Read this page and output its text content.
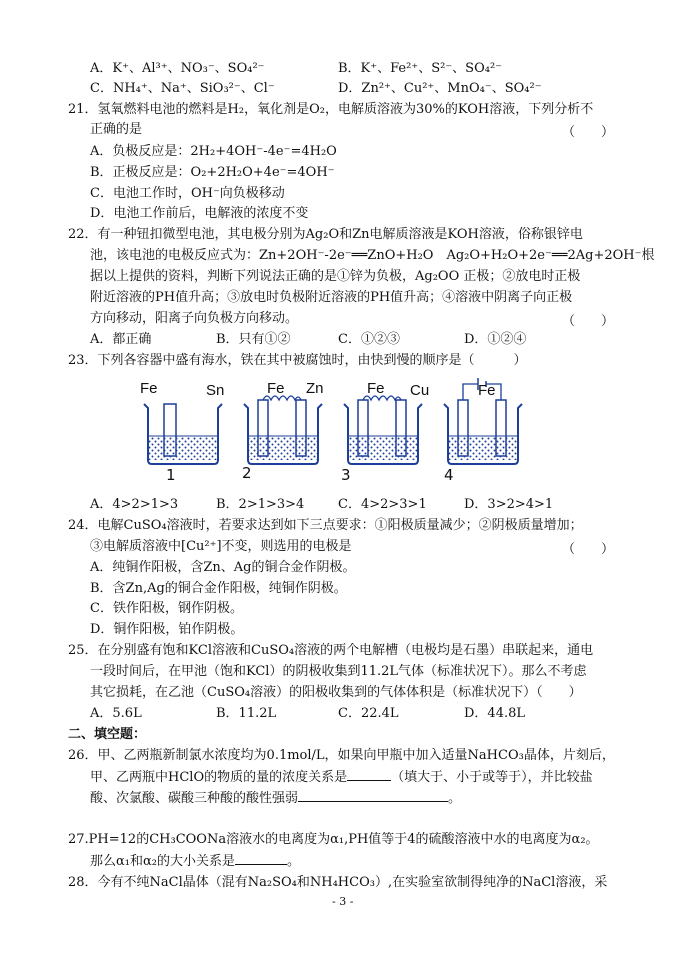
A．K⁺、Al³⁺、NO₃⁻、SO₄²⁻	B．K⁺、Fe²⁺、S²⁻、SO₄²⁻
C．NH₄⁺、Na⁺、SiO₃²⁻、Cl⁻	D．Zn²⁺、Cu²⁺、MnO₄⁻、SO₄²⁻
21．氢氧燃料电池的燃料是H₂，氧化剂是O₂，电解质溶液为30%的KOH溶液，下列分析不
正确的是	（　　）
A．负极反应是：2H₂+4OH⁻-4e⁻=4H₂O
B．正极反应是：O₂+2H₂O+4e⁻=4OH⁻
C．电池工作时，OH⁻向负极移动
D．电池工作前后，电解液的浓度不变
22．有一种钮扣微型电池，其电极分别为Ag₂O和Zn电解质溶液是KOH溶液，俗称银锌电
池，该电池的电极反应式为：Zn+2OH⁻-2e⁻══ZnO+H₂O　Ag₂O+H₂O+2e⁻══2Ag+2OH⁻根
据以上提供的资料，判断下列说法正确的是①锌为负极，Ag₂OO 正极；②放电时正极
附近溶液的PH值升高；③放电时负极附近溶液的PH值升高；④溶液中阴离子向正极
方向移动，阳离子向负极方向移动。	（　　）
A．都正确	B．只有①②	C．①②③	D．①②④
23．下列各容器中盛有海水，铁在其中被腐蚀时，由快到慢的顺序是（　　　）
Fe	Sn	Fe Zn	Fe Cu	Fe
1	2	3	4
A．4>2>1>3	B．2>1>3>4	C．4>2>3>1	D．3>2>4>1
24．电解CuSO₄溶液时，若要求达到如下三点要求：①阳极质量减少；②阴极质量增加；
③电解质溶液中[Cu²⁺]不变，则选用的电极是	（　　）
A．纯铜作阳极，含Zn、Ag的铜合金作阴极。
B．含Zn,Ag的铜合金作阳极，纯铜作阴极。
C．铁作阳极，钢作阴极。
D．铜作阳极，铂作阴极。
25．在分别盛有饱和KCl溶液和CuSO₄溶液的两个电解槽（电极均是石墨）串联起来，通电
一段时间后，在甲池（饱和KCl）的阴极收集到11.2L气体（标准状况下）。那么不考虑
其它损耗，在乙池（CuSO₄溶液）的阳极收集到的气体体积是（标准状况下）（　　）
A．5.6L	B．11.2L	C．22.4L	D．44.8L
二、填空题：
26．甲、乙两瓶新制氯水浓度均为0.1mol/L，如果向甲瓶中加入适量NaHCO₃晶体，片刻后，
甲、乙两瓶中HClO的物质的量的浓度关系是	（填大于、小于或等于），并比较盐
酸、次氯酸、碳酸三种酸的酸性强弱	。
27.PH=12的CH₃COONa溶液水的电离度为α₁,PH值等于4的硫酸溶液中水的电离度为α₂。
那么α₁和α₂的大小关系是	。
28．今有不纯NaCl晶体（混有Na₂SO₄和NH₄HCO₃）,在实验室欲制得纯净的NaCl溶液，采
- 3 -
